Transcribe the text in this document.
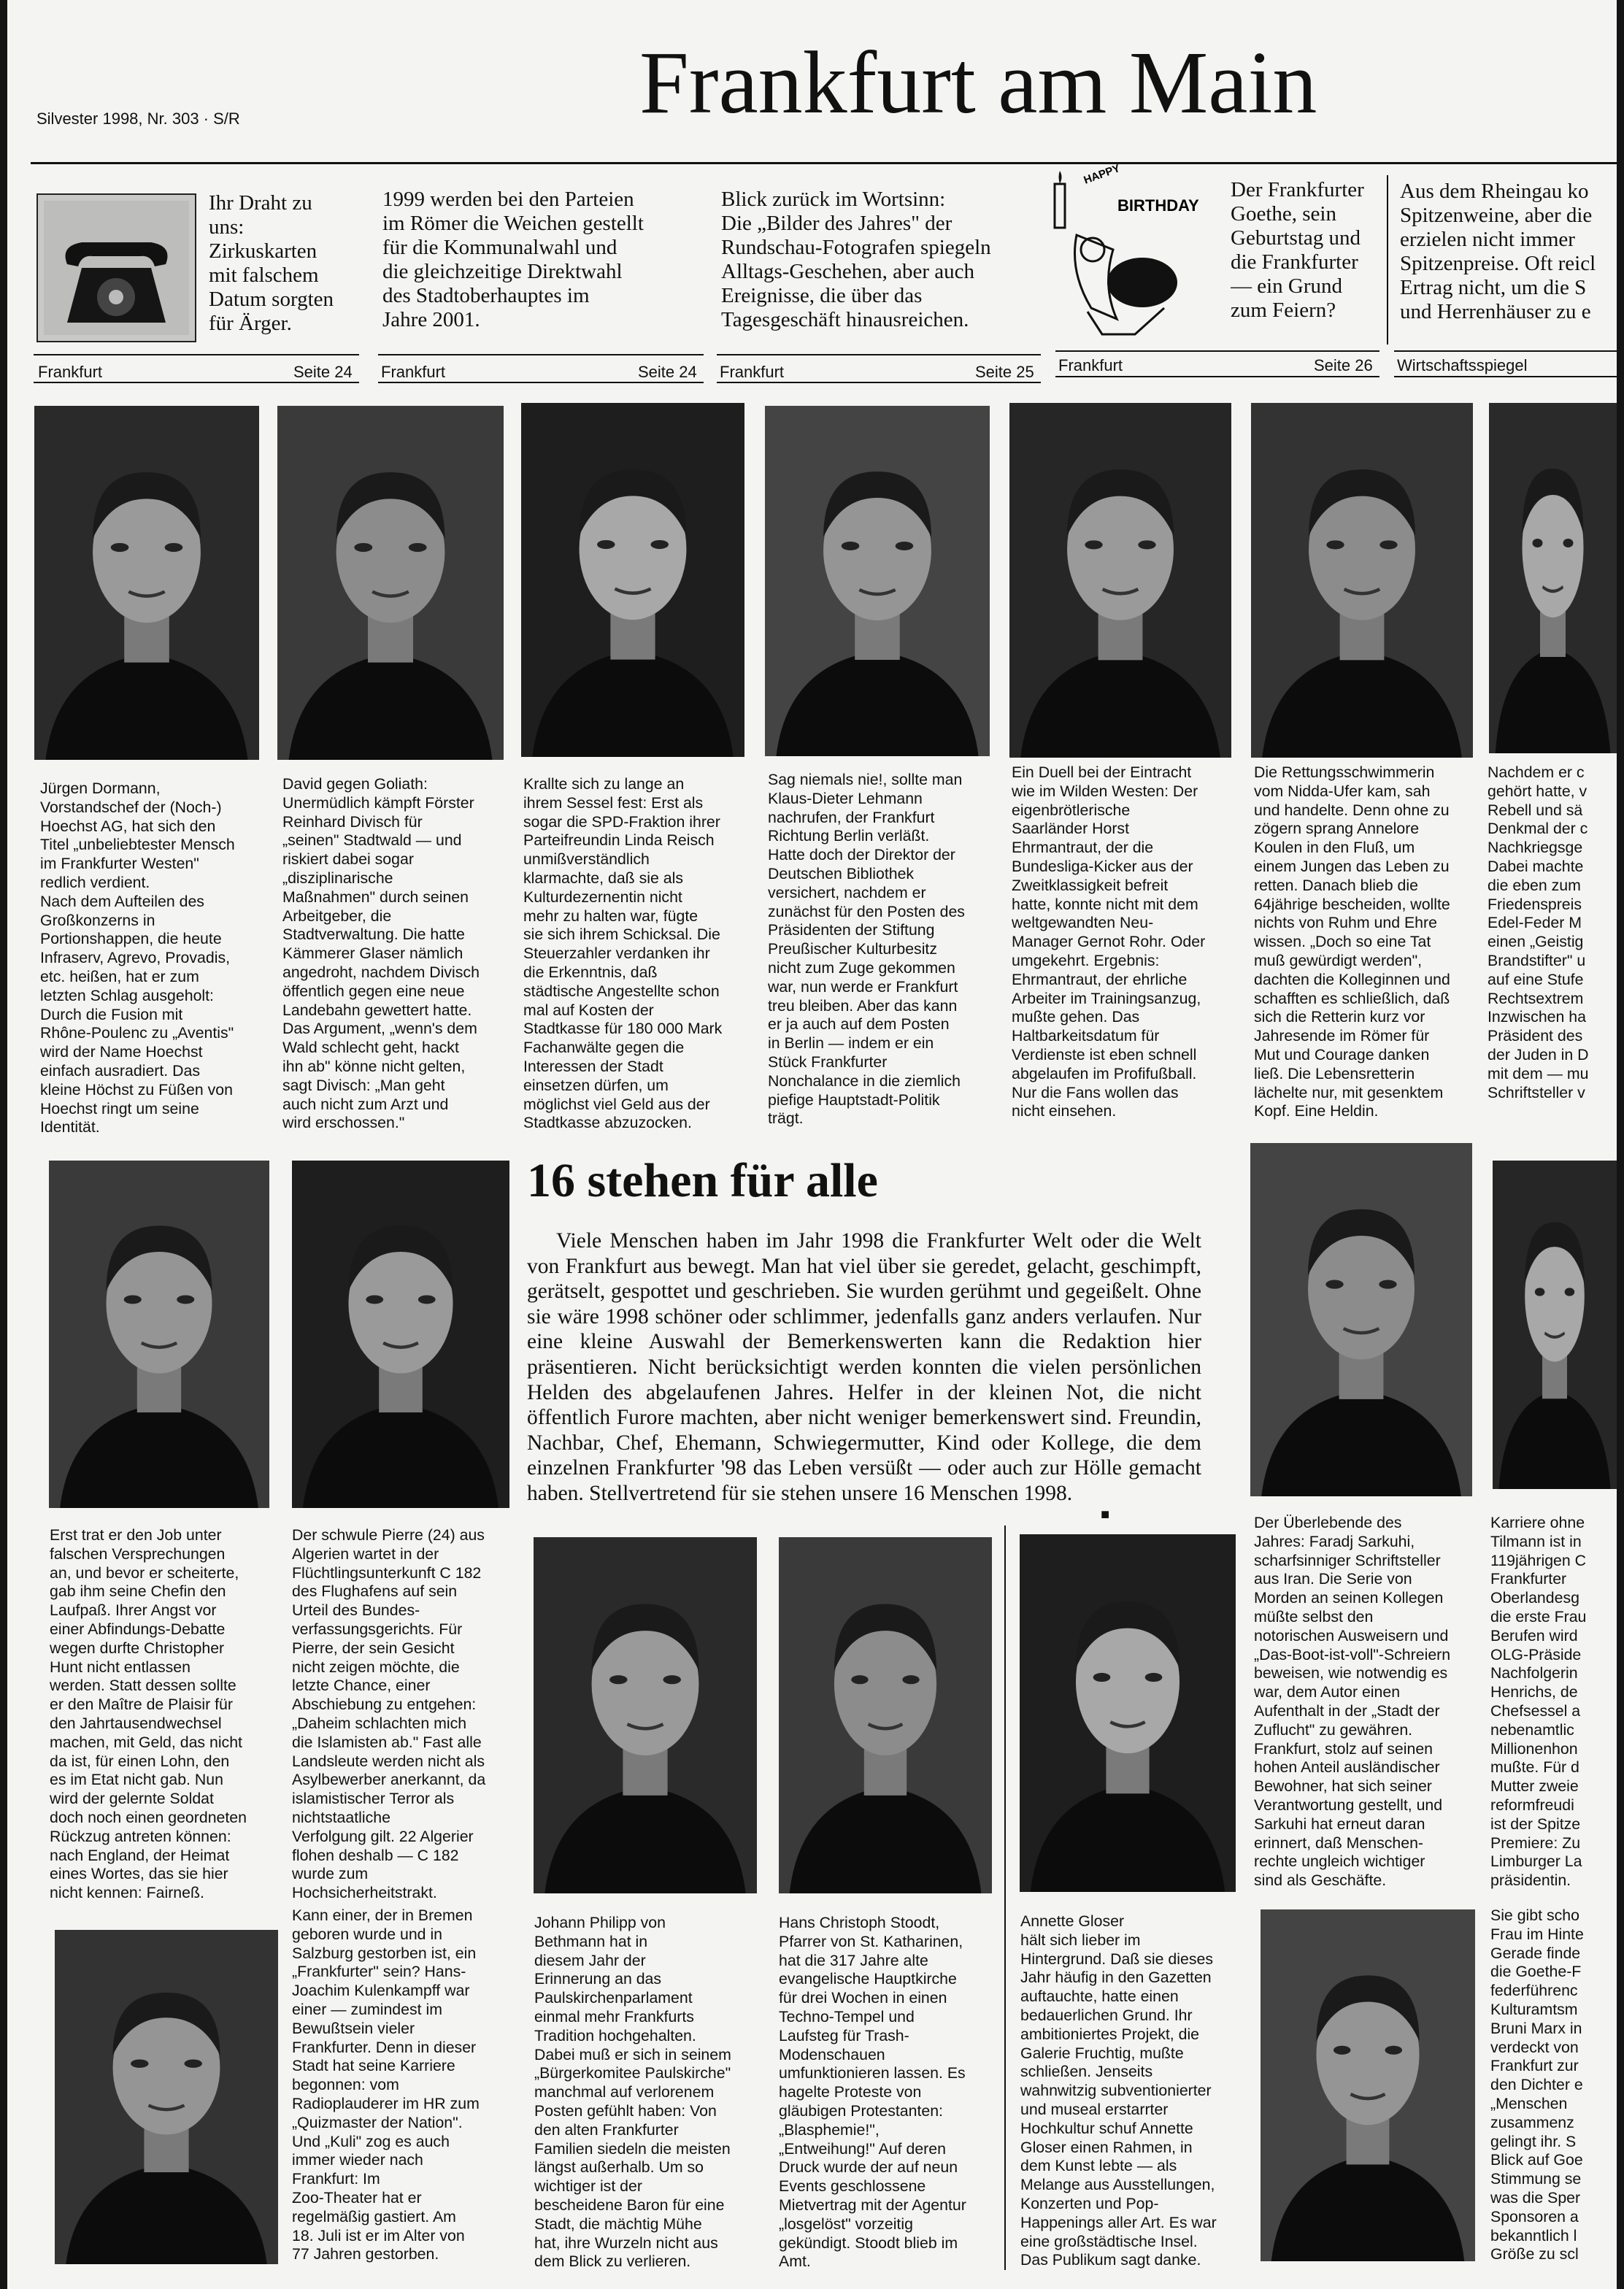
Silvester 1998, Nr. 303 · S/R	Frankfurt am Main
Ihr Draht zu
uns:
Zirkuskarten
mit falschem
Datum sorgten
für Ärger.
1999 werden bei den Parteien
im Römer die Weichen gestellt
für die Kommunalwahl und
die gleichzeitige Direktwahl
des Stadtoberhauptes im
Jahre 2001.
Blick zurück im Wortsinn:
Die „Bilder des Jahres" der
Rundschau-Fotografen spiegeln
Alltags-Geschehen, aber auch
Ereignisse, die über das
Tagesgeschäft hinausreichen.
HAPPY
BIRTHDAY
Der Frankfurter
Goethe, sein
Geburtstag und
die Frankfurter
— ein Grund
zum Feiern?
Aus dem Rheingau ko
Spitzenweine, aber die
erzielen nicht immer
Spitzenpreise. Oft reicl
Ertrag nicht, um die S
und Herrenhäuser zu e
Frankfurt	Seite 24 Frankfurt	Seite 24 Frankfurt	Seite 25 Frankfurt	Seite 26 Wirtschaftsspiegel
Jürgen Dormann,
Vorstandschef der (Noch-)
Hoechst AG, hat sich den
Titel „unbeliebtester Mensch
im Frankfurter Westen"
redlich verdient.
Nach dem Aufteilen des
Großkonzerns in
Portionshappen, die heute
Infraserv, Agrevo, Provadis,
etc. heißen, hat er zum
letzten Schlag ausgeholt:
Durch die Fusion mit
Rhône-Poulenc zu „Aventis"
wird der Name Hoechst
einfach ausradiert. Das
kleine Höchst zu Füßen von
Hoechst ringt um seine
Identität.
David gegen Goliath:
Unermüdlich kämpft Förster
Reinhard Divisch für
„seinen" Stadtwald — und
riskiert dabei sogar
„disziplinarische
Maßnahmen" durch seinen
Arbeitgeber, die
Stadtverwaltung. Die hatte
Kämmerer Glaser nämlich
angedroht, nachdem Divisch
öffentlich gegen eine neue
Landebahn gewettert hatte.
Das Argument, „wenn's dem
Wald schlecht geht, hackt
ihn ab" könne nicht gelten,
sagt Divisch: „Man geht
auch nicht zum Arzt und
wird erschossen."
Krallte sich zu lange an
ihrem Sessel fest: Erst als
sogar die SPD-Fraktion ihrer
Parteifreundin Linda Reisch
unmißverständlich
klarmachte, daß sie als
Kulturdezernentin nicht
mehr zu halten war, fügte
sie sich ihrem Schicksal. Die
Steuerzahler verdanken ihr
die Erkenntnis, daß
städtische Angestellte schon
mal auf Kosten der
Stadtkasse für 180 000 Mark
Fachanwälte gegen die
Interessen der Stadt
einsetzen dürfen, um
möglichst viel Geld aus der
Stadtkasse abzuzocken.
Sag niemals nie!, sollte man
Klaus-Dieter Lehmann
nachrufen, der Frankfurt
Richtung Berlin verläßt.
Hatte doch der Direktor der
Deutschen Bibliothek
versichert, nachdem er
zunächst für den Posten des
Präsidenten der Stiftung
Preußischer Kulturbesitz
nicht zum Zuge gekommen
war, nun werde er Frankfurt
treu bleiben. Aber das kann
er ja auch auf dem Posten
in Berlin — indem er ein
Stück Frankfurter
Nonchalance in die ziemlich
piefige Hauptstadt-Politik
trägt.
Ein Duell bei der Eintracht
wie im Wilden Westen: Der
eigenbrötlerische
Saarländer Horst
Ehrmantraut, der die
Bundesliga-Kicker aus der
Zweitklassigkeit befreit
hatte, konnte nicht mit dem
weltgewandten Neu-
Manager Gernot Rohr. Oder
umgekehrt. Ergebnis:
Ehrmantraut, der ehrliche
Arbeiter im Trainingsanzug,
mußte gehen. Das
Haltbarkeitsdatum für
Verdienste ist eben schnell
abgelaufen im Profifußball.
Nur die Fans wollen das
nicht einsehen.
Die Rettungsschwimmerin
vom Nidda-Ufer kam, sah
und handelte. Denn ohne zu
zögern sprang Annelore
Koulen in den Fluß, um
einem Jungen das Leben zu
retten. Danach blieb die
64jährige bescheiden, wollte
nichts von Ruhm und Ehre
wissen. „Doch so eine Tat
muß gewürdigt werden",
dachten die Kolleginnen und
schafften es schließlich, daß
sich die Retterin kurz vor
Jahresende im Römer für
Mut und Courage danken
ließ. Die Lebensretterin
lächelte nur, mit gesenktem
Kopf. Eine Heldin.
Nachdem er c
gehört hatte, v
Rebell und sä
Denkmal der c
Nachkriegsge
Dabei machte
die eben zum
Friedenspreis
Edel-Feder M
einen „Geistig
Brandstifter" u
auf eine Stufe
Rechtsextrem
Inzwischen ha
Präsident des
der Juden in D
mit dem — mu
Schriftsteller v
16 stehen für alle
Viele Menschen haben im Jahr 1998 die Frankfurter Welt oder die Welt von Frankfurt aus bewegt. Man hat viel über sie geredet, gelacht, geschimpft, gerätselt, gespottet und geschrieben. Sie wurden gerühmt und gegeißelt. Ohne sie wäre 1998 schöner oder schlimmer, jedenfalls ganz anders verlaufen. Nur eine kleine Auswahl der Bemerkenswerten kann die Redaktion hier präsentieren. Nicht berücksichtigt werden konnten die vielen persönlichen Helden des abgelaufenen Jahres. Helfer in der kleinen Not, die nicht öffentlich Furore machten, aber nicht weniger bemerkenswert sind. Freundin, Nachbar, Chef, Ehemann, Schwiegermutter, Kind oder Kollege, die dem einzelnen Frankfurter '98 das Leben versüßt — oder auch zur Hölle gemacht haben. Stellvertretend für sie stehen unsere 16 Menschen 1998.
■
Erst trat er den Job unter
falschen Versprechungen
an, und bevor er scheiterte,
gab ihm seine Chefin den
Laufpaß. Ihrer Angst vor
einer Abfindungs-Debatte
wegen durfte Christopher
Hunt nicht entlassen
werden. Statt dessen sollte
er den Maître de Plaisir für
den Jahrtausendwechsel
machen, mit Geld, das nicht
da ist, für einen Lohn, den
es im Etat nicht gab. Nun
wird der gelernte Soldat
doch noch einen geordneten
Rückzug antreten können:
nach England, der Heimat
eines Wortes, das sie hier
nicht kennen: Fairneß.
Der schwule Pierre (24) aus
Algerien wartet in der
Flüchtlingsunterkunft C 182
des Flughafens auf sein
Urteil des Bundes-
verfassungsgerichts. Für
Pierre, der sein Gesicht
nicht zeigen möchte, die
letzte Chance, einer
Abschiebung zu entgehen:
„Daheim schlachten mich
die Islamisten ab." Fast alle
Landsleute werden nicht als
Asylbewerber anerkannt, da
islamistischer Terror als
nichtstaatliche
Verfolgung gilt. 22 Algerier
flohen deshalb — C 182
wurde zum
Hochsicherheitstrakt.
Der Überlebende des
Jahres: Faradj Sarkuhi,
scharfsinniger Schriftsteller
aus Iran. Die Serie von
Morden an seinen Kollegen
müßte selbst den
notorischen Ausweisern und
„Das-Boot-ist-voll"-Schreiern
beweisen, wie notwendig es
war, dem Autor einen
Aufenthalt in der „Stadt der
Zuflucht" zu gewähren.
Frankfurt, stolz auf seinen
hohen Anteil ausländischer
Bewohner, hat sich seiner
Verantwortung gestellt, und
Sarkuhi hat erneut daran
erinnert, daß Menschen-
rechte ungleich wichtiger
sind als Geschäfte.
Karriere ohne
Tilmann ist in
119jährigen C
Frankfurter
Oberlandesg
die erste Frau
Berufen wird
OLG-Präside
Nachfolgerin
Henrichs, de
Chefsessel a
nebenamtlic
Millionenhon
mußte. Für d
Mutter zweie
reformfreudi
ist der Spitze
Premiere: Zu
Limburger La
präsidentin.
Kann einer, der in Bremen
geboren wurde und in
Salzburg gestorben ist, ein
„Frankfurter" sein? Hans-
Joachim Kulenkampff war
einer — zumindest im
Bewußtsein vieler
Frankfurter. Denn in dieser
Stadt hat seine Karriere
begonnen: vom
Radioplauderer im HR zum
„Quizmaster der Nation".
Und „Kuli" zog es auch
immer wieder nach
Frankfurt: Im
Zoo-Theater hat er
regelmäßig gastiert. Am
18. Juli ist er im Alter von
77 Jahren gestorben.
Johann Philipp von
Bethmann hat in
diesem Jahr der
Erinnerung an das
Paulskirchenparlament
einmal mehr Frankfurts
Tradition hochgehalten.
Dabei muß er sich in seinem
„Bürgerkomitee Paulskirche"
manchmal auf verlorenem
Posten gefühlt haben: Von
den alten Frankfurter
Familien siedeln die meisten
längst außerhalb. Um so
wichtiger ist der
bescheidene Baron für eine
Stadt, die mächtig Mühe
hat, ihre Wurzeln nicht aus
dem Blick zu verlieren.
Hans Christoph Stoodt,
Pfarrer von St. Katharinen,
hat die 317 Jahre alte
evangelische Hauptkirche
für drei Wochen in einen
Techno-Tempel und
Laufsteg für Trash-
Modenschauen
umfunktionieren lassen. Es
hagelte Proteste von
gläubigen Protestanten:
„Blasphemie!",
„Entweihung!" Auf deren
Druck wurde der auf neun
Events geschlossene
Mietvertrag mit der Agentur
„losgelöst" vorzeitig
gekündigt. Stoodt blieb im
Amt.
Annette Gloser
hält sich lieber im
Hintergrund. Daß sie dieses
Jahr häufig in den Gazetten
auftauchte, hatte einen
bedauerlichen Grund. Ihr
ambitioniertes Projekt, die
Galerie Fruchtig, mußte
schließen. Jenseits
wahnwitzig subventionierter
und museal erstarrter
Hochkultur schuf Annette
Gloser einen Rahmen, in
dem Kunst lebte — als
Melange aus Ausstellungen,
Konzerten und Pop-
Happenings aller Art. Es war
eine großstädtische Insel.
Das Publikum sagt danke.
Sie gibt scho
Frau im Hinte
Gerade finde
die Goethe-F
federführenc
Kulturamtsm
Bruni Marx in
verdeckt von
Frankfurt zur
den Dichter e
„Menschen
zusammenz
gelingt ihr. S
Blick auf Goe
Stimmung se
was die Sper
Sponsoren a
bekanntlich l
Größe zu scl
